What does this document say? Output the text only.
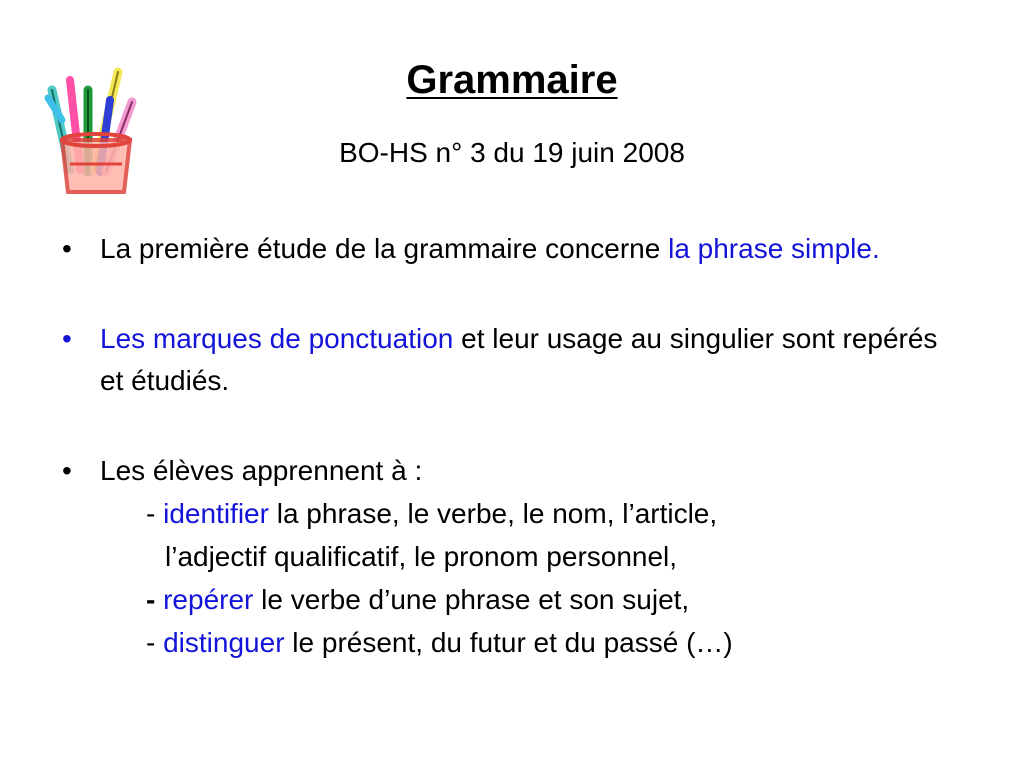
Grammaire
BO-HS n° 3 du 19 juin 2008
• La première étude de la grammaire concerne la phrase simple.
• Les marques de ponctuation et leur usage au singulier sont repérés et étudiés.
• Les élèves apprennent à :
- identifier la phrase, le verbe, le nom, l’article,
l’adjectif qualificatif, le pronom personnel,
- repérer le verbe d’une phrase et son sujet,
- distinguer le présent, du futur et du passé (…)
